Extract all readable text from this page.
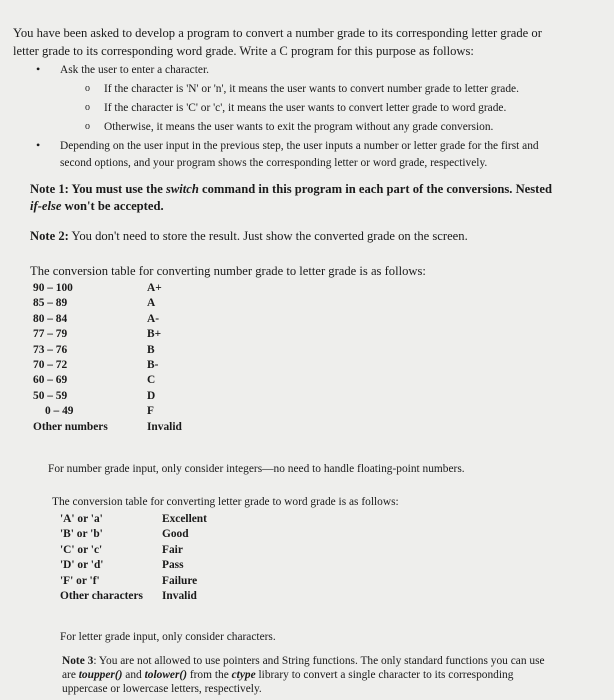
You have been asked to develop a program to convert a number grade to its corresponding letter grade or
letter grade to its corresponding word grade. Write a C program for this purpose as follows:
• Ask the user to enter a character.
o If the character is 'N' or 'n', it means the user wants to convert number grade to letter grade.
o If the character is 'C' or 'c', it means the user wants to convert letter grade to word grade.
o Otherwise, it means the user wants to exit the program without any grade conversion.
• Depending on the user input in the previous step, the user inputs a number or letter grade for the first and
second options, and your program shows the corresponding letter or word grade, respectively.
Note 1: You must use the switch command in this program in each part of the conversions. Nested
if-else won't be accepted.
Note 2: You don't need to store the result. Just show the converted grade on the screen.
The conversion table for converting number grade to letter grade is as follows:
90 – 100	A+
85 – 89	A
80 – 84	A-
77 – 79	B+
73 – 76	B
70 – 72	B-
60 – 69	C
50 – 59	D
0 – 49	F
Other numbers	Invalid
For number grade input, only consider integers—no need to handle floating-point numbers.
The conversion table for converting letter grade to word grade is as follows:
'A' or 'a'	Excellent
'B' or 'b'	Good
'C' or 'c'	Fair
'D' or 'd'	Pass
'F' or 'f'	Failure
Other characters Invalid
For letter grade input, only consider characters.
Note 3: You are not allowed to use pointers and String functions. The only standard functions you can use
are toupper() and tolower() from the ctype library to convert a single character to its corresponding
uppercase or lowercase letters, respectively.
